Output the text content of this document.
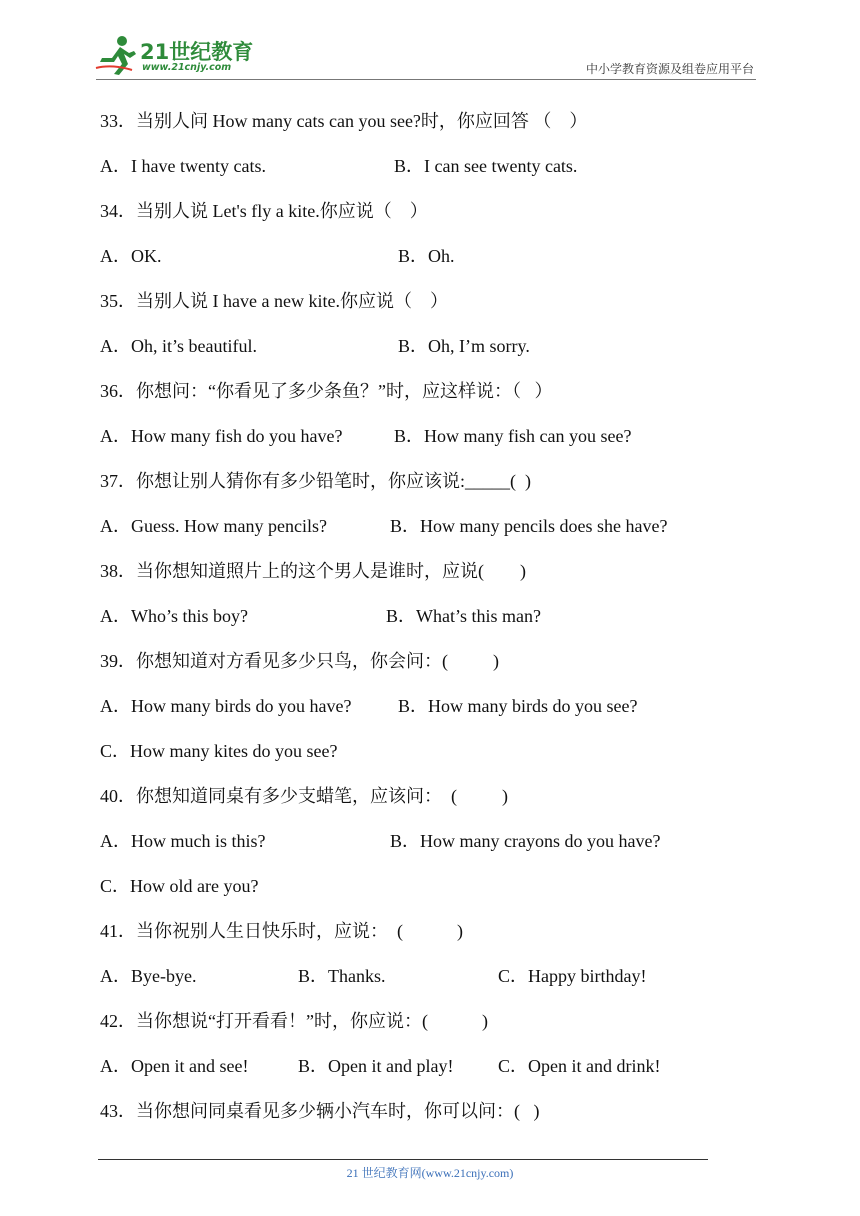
21世纪教育
www.21cnjy.com	中小学教育资源及组卷应用平台
33．当别人问 How many cats can you see?时，你应回答 （    ）

A．I have twenty cats.

	B．I can see twenty cats.

34．当别人说 Let's fly a kite.你应说（    ）

A．OK.

	B．Oh.

35．当别人说 I have a new kite.你应说（    ）

A．Oh, it’s beautiful.

	B．Oh, I’m sorry.

36．你想问：“你看见了多少条鱼？”时，应这样说：（   ）

A．How many fish do you have?

	B．How many fish can you see?

37．你想让别人猜你有多少铅笔时，你应该说:_____(  )

A．Guess. How many pencils?

	B．How many pencils does she have?

38．当你想知道照片上的这个男人是谁时，应说(        )

A．Who’s this boy?

	B．What’s this man?

39．你想知道对方看见多少只鸟，你会问：(          )

A．How many birds do you have?

	B．How many birds do you see?

C．How many kites do you see?

40．你想知道同桌有多少支蜡笔，应该问：  (          )

A．How much is this?

	B．How many crayons do you have?

C．How old are you?

41．当你祝别人生日快乐时，应说：  (            )

A．Bye-bye.

	B．Thanks.

	C．Happy birthday!

42．当你想说“打开看看！”时，你应说：(            )

A．Open it and see!

	B．Open it and play!

C．Open it and drink!

43．当你想问同桌看见多少辆小汽车时，你可以问：(   )
21 世纪教育网(www.21cnjy.com)
